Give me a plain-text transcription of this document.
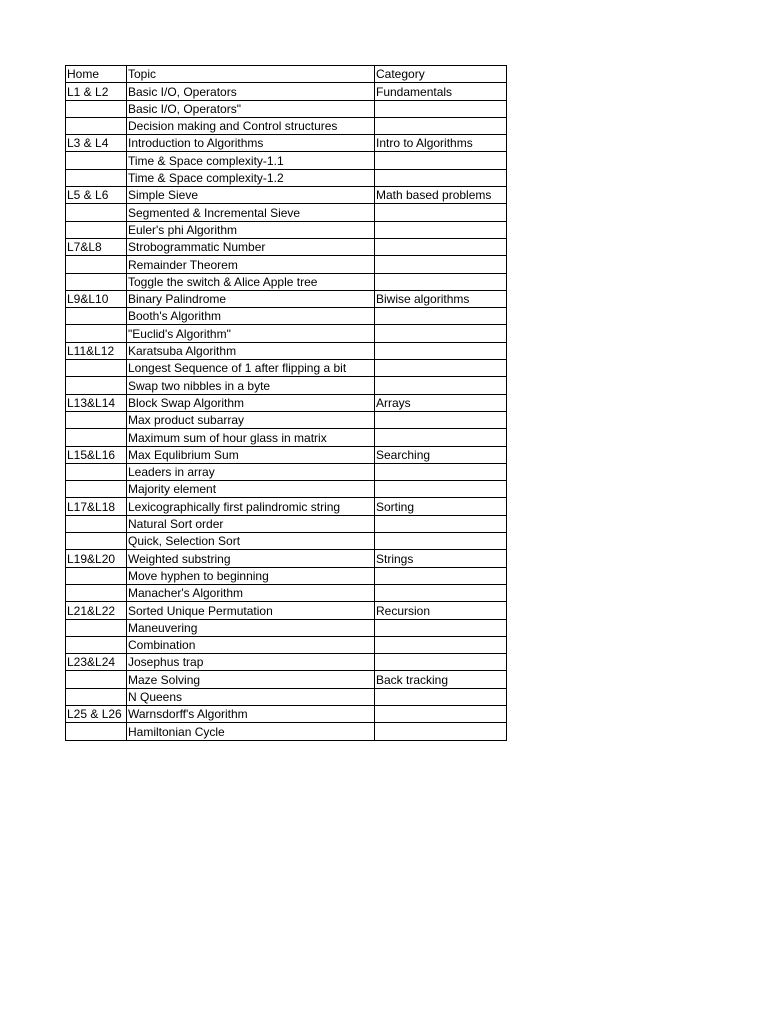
Home	Topic	Category
L1 & L2	Basic I/O, Operators	Fundamentals
	Basic I/O, Operators"	
	Decision making and Control structures	
L3 & L4	Introduction to Algorithms	Intro to Algorithms
	Time & Space complexity-1.1	
	Time & Space complexity-1.2	
L5 & L6	Simple Sieve	Math based problems
	Segmented & Incremental Sieve	
	Euler's phi Algorithm	
L7&L8	Strobogrammatic Number	
	Remainder Theorem	
	Toggle the switch & Alice Apple tree	
L9&L10	Binary Palindrome	Biwise algorithms
	Booth's Algorithm	
	"Euclid's Algorithm"	
L11&L12	Karatsuba Algorithm	
	Longest Sequence of 1 after flipping a bit	
	Swap two nibbles in a byte	
L13&L14	Block Swap Algorithm	Arrays
	Max product subarray	
	Maximum sum of hour glass in matrix	
L15&L16	Max Equlibrium Sum	Searching
	Leaders in array	
	Majority element	
L17&L18	Lexicographically first palindromic string	Sorting
	Natural Sort order	
	Quick, Selection Sort	
L19&L20	Weighted substring	Strings
	Move hyphen to beginning	
	Manacher's Algorithm	
L21&L22	Sorted Unique Permutation	Recursion
	Maneuvering	
	Combination	
L23&L24	Josephus trap	
	Maze Solving	Back tracking
	N Queens	
L25 & L26	Warnsdorff's Algorithm	
	Hamiltonian Cycle	
